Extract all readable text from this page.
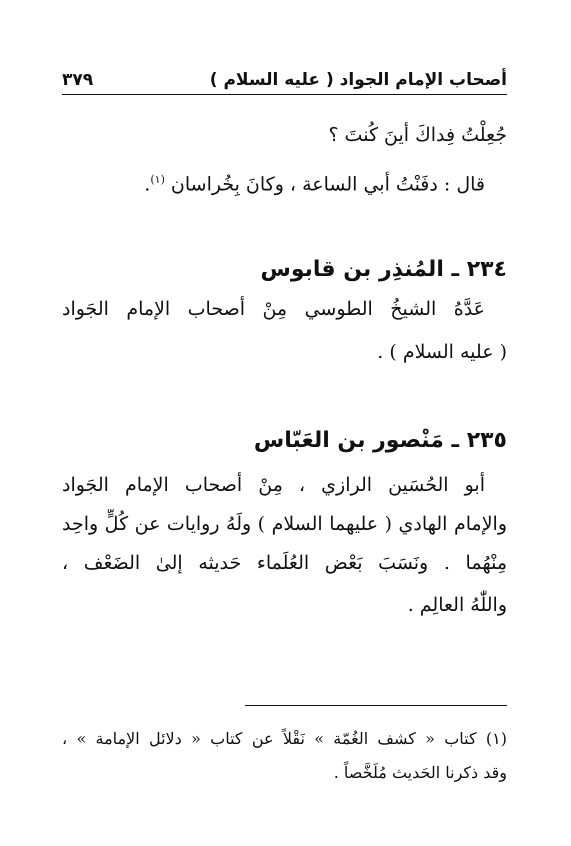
أصحاب الإمام الجواد ( عليه السلام )
٣٧٩
جُعِلْتُ فِداكَ أينَ كُنتَ ؟
قال : دفَنْتُ أبي الساعة ، وكانَ بِخُراسان $^{(١)}$.
٢٣٤ ـ المُنذِر بن قابوس
عَدَّهُ الشيخُ الطوسي مِنْ أصحاب الإمام الجَواد
( عليه السلام ) .
٢٣٥ ـ مَنْصور بن العَبّاس
أبو الحُسَين الرازي ، مِنْ أصحاب الإمام الجَواد
والإمام الهادي ( عليهما السلام ) ولَهُ روايات عن كُلٍّ واحِد
مِنْهُما . ونَسَبَ بَعْض العُلَماء حَديثه إلىٰ الضَعْف ،
واللّٰهُ العالِم .
(١) كتاب « كشف الغُمّة » نَقْلاً عن كتاب « دلائل الإمامة » ،
وقد ذكرنا الحَديث مُلَخَّصاً .
